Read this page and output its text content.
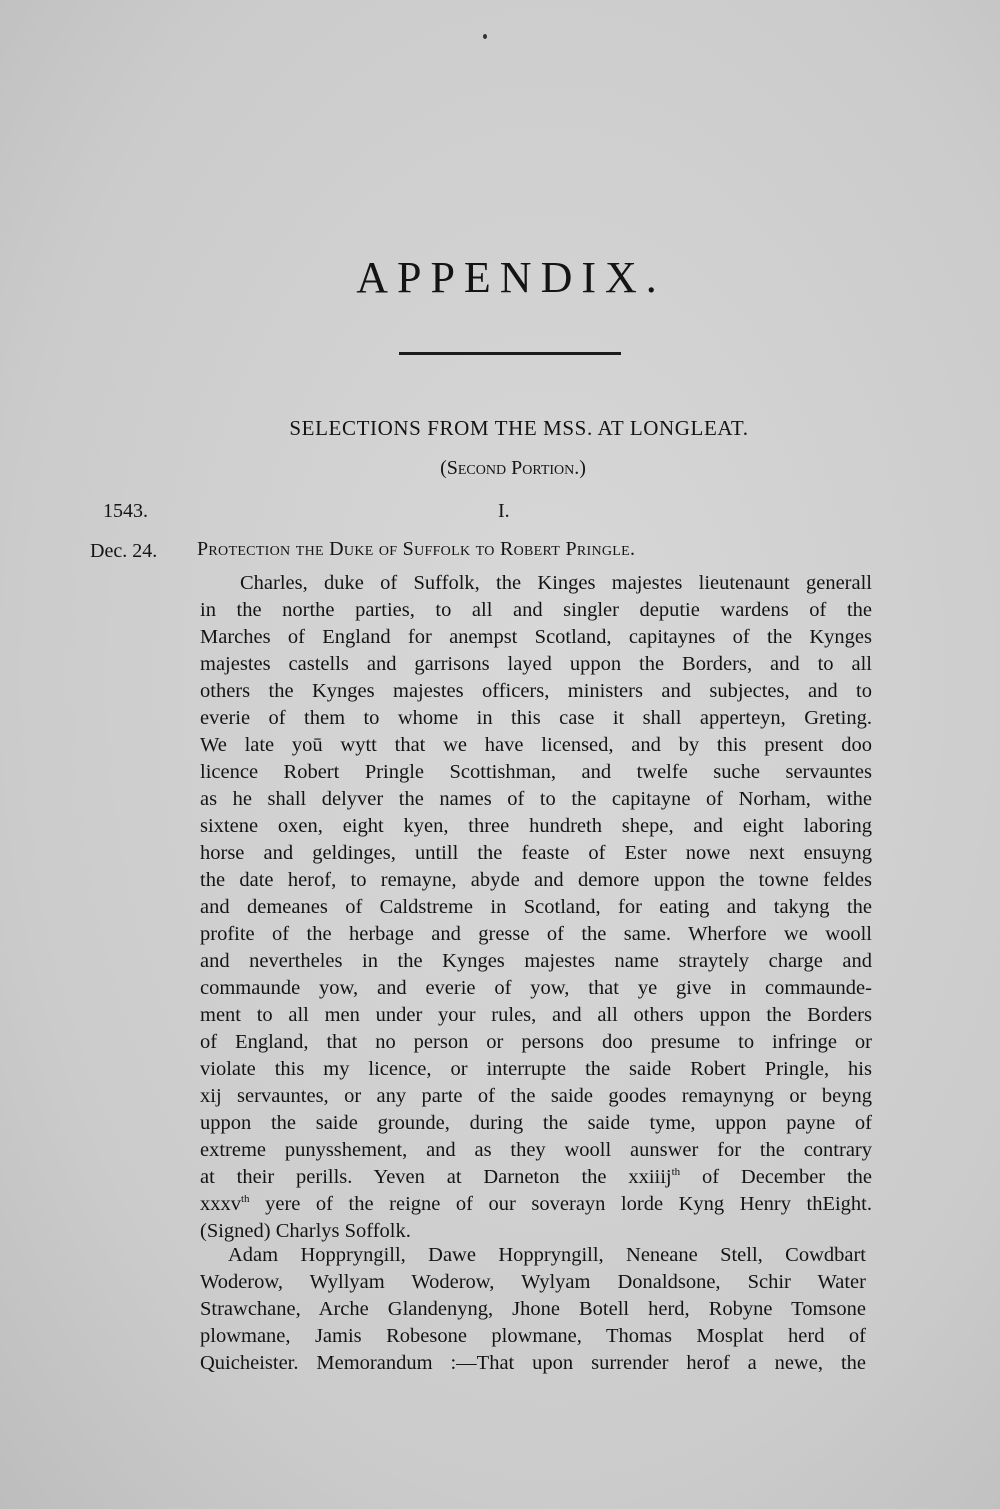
APPENDIX.
SELECTIONS FROM THE MSS. AT LONGLEAT.
(Second Portion.)
1543.	I.
Dec. 24. Protection the Duke of Suffolk to Robert Pringle.
Charles, duke of Suffolk, the Kinges majestes lieutenaunt generall
in the northe parties, to all and singler deputie wardens of the
Marches of England for anempst Scotland, capitaynes of the Kynges
majestes castells and garrisons layed uppon the Borders, and to all
others the Kynges majestes officers, ministers and subjectes, and to
everie of them to whome in this case it shall apperteyn, Greting.
We late yoū wytt that we have licensed, and by this present doo
licence Robert Pringle Scottishman, and twelfe suche servauntes
as he shall delyver the names of to the capitayne of Norham, withe
sixtene oxen, eight kyen, three hundreth shepe, and eight laboring
horse and geldinges, untill the feaste of Ester nowe next ensuyng
the date herof, to remayne, abyde and demore uppon the towne feldes
and demeanes of Caldstreme in Scotland, for eating and takyng the
profite of the herbage and gresse of the same. Wherfore we wooll
and nevertheles in the Kynges majestes name straytely charge and
commaunde yow, and everie of yow, that ye give in commaunde-
ment to all men under your rules, and all others uppon the Borders
of England, that no person or persons doo presume to infringe or
violate this my licence, or interrupte the saide Robert Pringle, his
xij servauntes, or any parte of the saide goodes remaynyng or beyng
uppon the saide grounde, during the saide tyme, uppon payne of
extreme punysshement, and as they wooll aunswer for the contrary
at their perills. Yeven at Darneton the xxiiij$^{th}$ of December the
xxxv$^{th}$ yere of the reigne of our soverayn lorde Kyng Henry thEight.
(Signed) Charlys Soffolk.
Adam Hoppryngill, Dawe Hoppryngill, Neneane Stell, Cowdbart
Woderow, Wyllyam Woderow, Wylyam Donaldsone, Schir Water
Strawchane, Arche Glandenyng, Jhone Botell herd, Robyne Tomsone
plowmane, Jamis Robesone plowmane, Thomas Mosplat herd of
Quicheister. Memorandum :—That upon surrender herof a newe, the
